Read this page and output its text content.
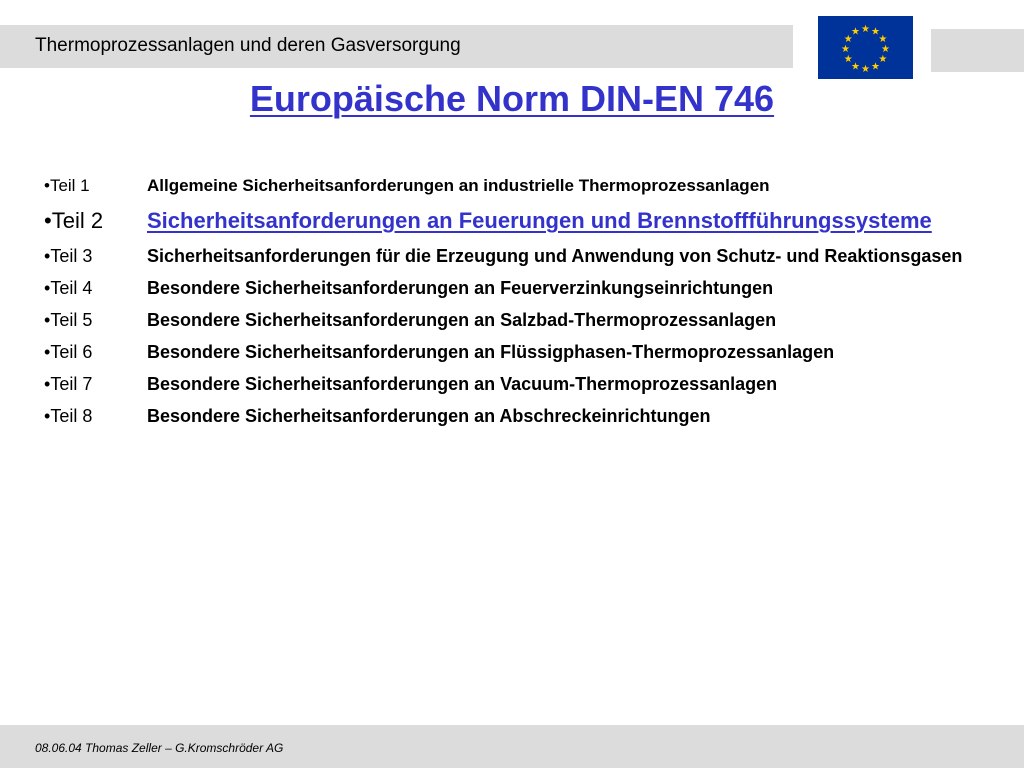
Thermoprozessanlagen und deren Gasversorgung
★ ★
★
★
★
★
★
★
★
★
★
★
Europäische Norm DIN-EN 746
•Teil 1	Allgemeine Sicherheitsanforderungen an industrielle Thermoprozessanlagen
•Teil 2	Sicherheitsanforderungen an Feuerungen und Brennstoffführungssysteme
•Teil 3	Sicherheitsanforderungen für die Erzeugung und Anwendung von Schutz- und Reaktionsgasen
•Teil 4	Besondere Sicherheitsanforderungen an Feuerverzinkungseinrichtungen
•Teil 5	Besondere Sicherheitsanforderungen an Salzbad-Thermoprozessanlagen
•Teil 6	Besondere Sicherheitsanforderungen an Flüssigphasen-Thermoprozessanlagen
•Teil 7	Besondere Sicherheitsanforderungen an Vacuum-Thermoprozessanlagen
•Teil 8	Besondere Sicherheitsanforderungen an Abschreckeinrichtungen
08.06.04 Thomas Zeller – G.Kromschröder AG
